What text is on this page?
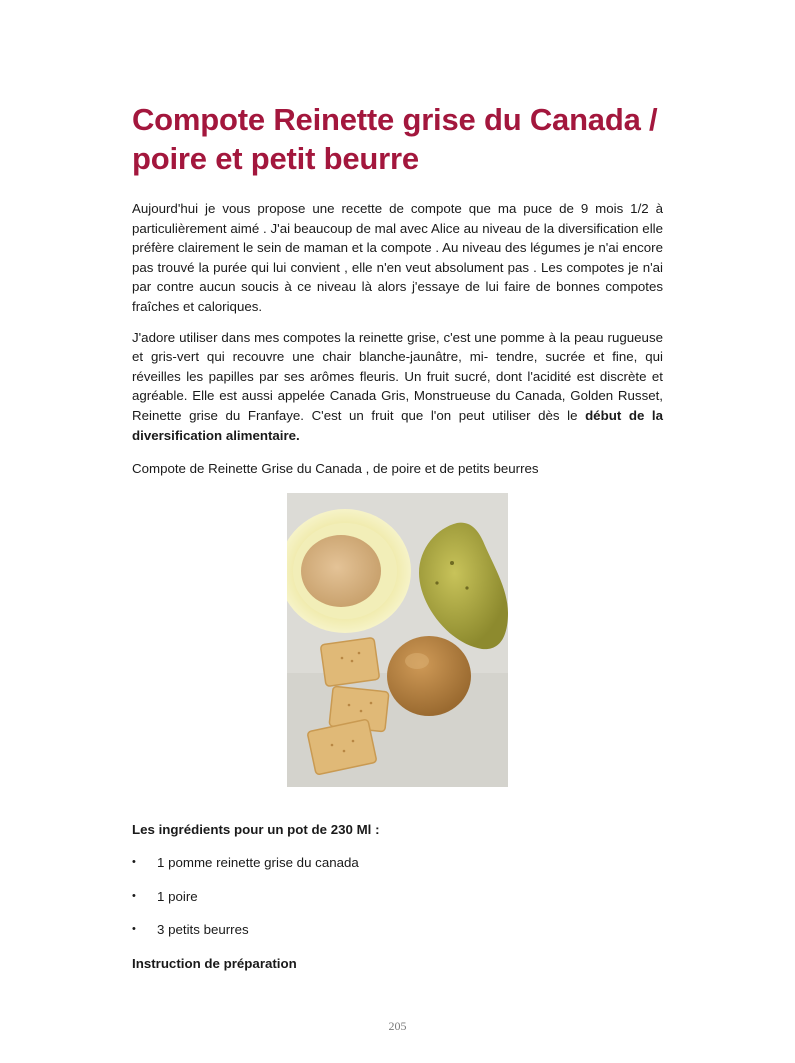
Compote Reinette grise du Canada / poire et petit beurre

Aujourd'hui je vous propose une recette de compote que ma puce de 9 mois 1/2 à particulièrement aimé . J'ai beaucoup de mal avec Alice au niveau de la diversification elle préfère clairement le sein de maman et la compote . Au niveau des légumes je n'ai encore pas trouvé la purée qui lui convient , elle n'en veut absolument pas . Les compotes je n'ai par contre aucun soucis à ce niveau là alors j'essaye de lui faire de bonnes compotes fraîches et caloriques.

J'adore utiliser dans mes compotes la reinette grise, c'est une pomme à la peau rugueuse et gris-vert qui recouvre une chair blanche-jaunâtre, mi- tendre, sucrée et fine, qui réveilles les papilles par ses arômes fleuris. Un fruit sucré, dont l'acidité est discrète et agréable. Elle est aussi appelée Canada Gris, Monstrueuse du Canada, Golden Russet, Reinette grise du Franfaye. C'est un fruit que l'on peut utiliser dès le début de la diversification alimentaire.

Compote de Reinette Grise du Canada , de poire et de petits beurres

Les ingrédients pour un pot de 230 Ml :

• 1 pomme reinette grise du canada
• 1 poire
• 3 petits beurres

Instruction de préparation

205
